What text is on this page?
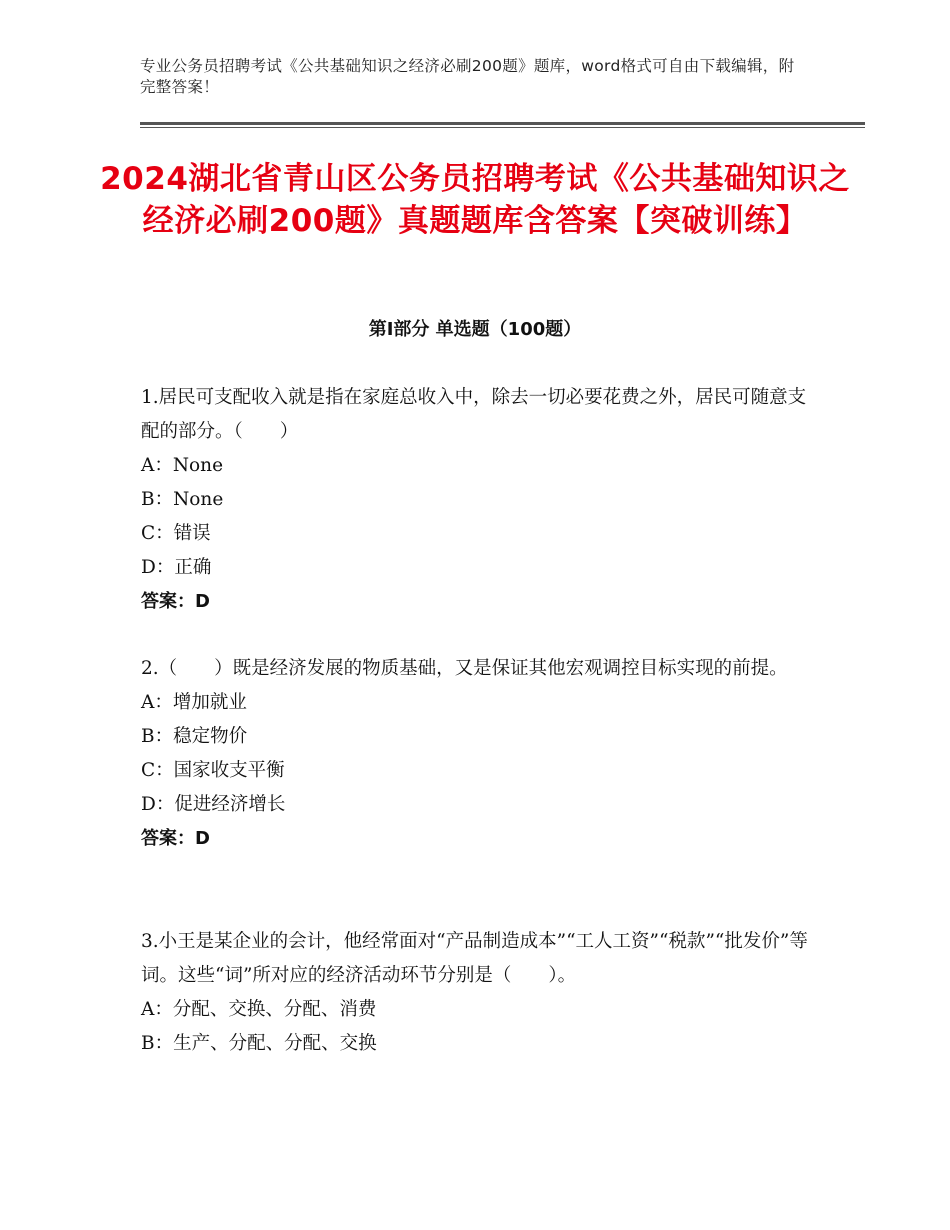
专业公务员招聘考试《公共基础知识之经济必刷200题》题库，word格式可自由下载编辑，附完整答案！
2024湖北省青山区公务员招聘考试《公共基础知识之经济必刷200题》真题题库含答案【突破训练】
第Ⅰ部分 单选题（100题）

1.居民可支配收入就是指在家庭总收入中，除去一切必要花费之外，居民可随意支配的部分。（　　）

A：None

B：None

C：错误

D：正确

答案：D

2.（　　）既是经济发展的物质基础，又是保证其他宏观调控目标实现的前提。

A：增加就业

B：稳定物价

C：国家收支平衡

D：促进经济增长

答案：D

3.小王是某企业的会计，他经常面对“产品制造成本”“工人工资”“税款”“批发价”等词。这些“词”所对应的经济活动环节分别是（　　）。

A：分配、交换、分配、消费

B：生产、分配、分配、交换
